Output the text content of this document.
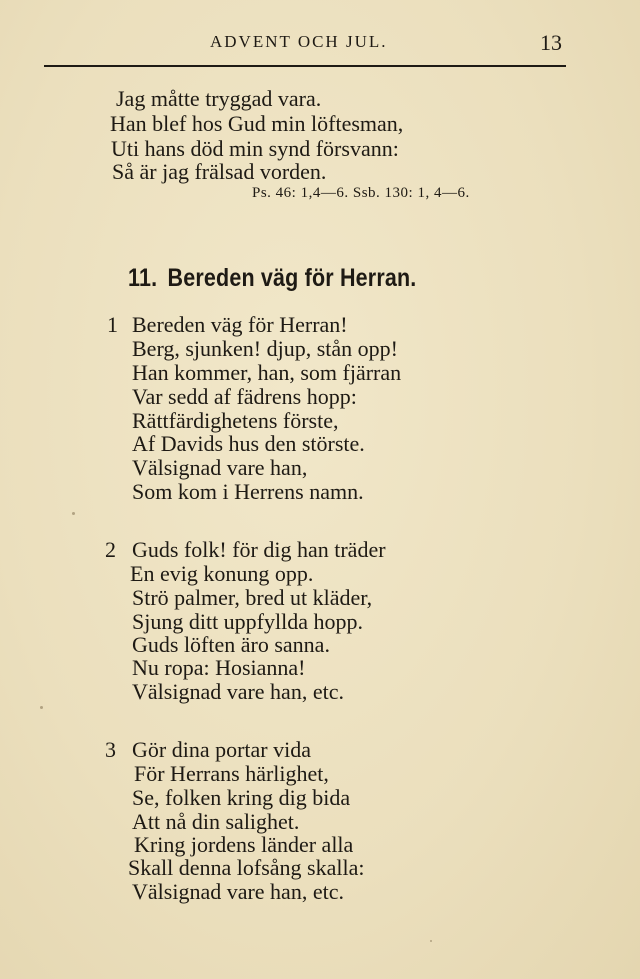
ADVENT OCH JUL.	13
Jag måtte tryggad vara.
Han blef hos Gud min löftesman,
Uti hans död min synd försvann:
Så är jag frälsad vorden.
Ps. 46: 1,4—6. Ssb. 130: 1, 4—6.
11. Bereden väg för Herran.
1 Bereden väg för Herran!
Berg, sjunken! djup, stån opp!
Han kommer, han, som fjärran
Var sedd af fädrens hopp:
Rättfärdighetens förste,
Af Davids hus den störste.
Välsignad vare han,
Som kom i Herrens namn.
2 Guds folk! för dig han träder
En evig konung opp.
Strö palmer, bred ut kläder,
Sjung ditt uppfyllda hopp.
Guds löften äro sanna.
Nu ropa: Hosianna!
Välsignad vare han, etc.
3 Gör dina portar vida
För Herrans härlighet,
Se, folken kring dig bida
Att nå din salighet.
Kring jordens länder alla
Skall denna lofsång skalla:
Välsignad vare han, etc.
